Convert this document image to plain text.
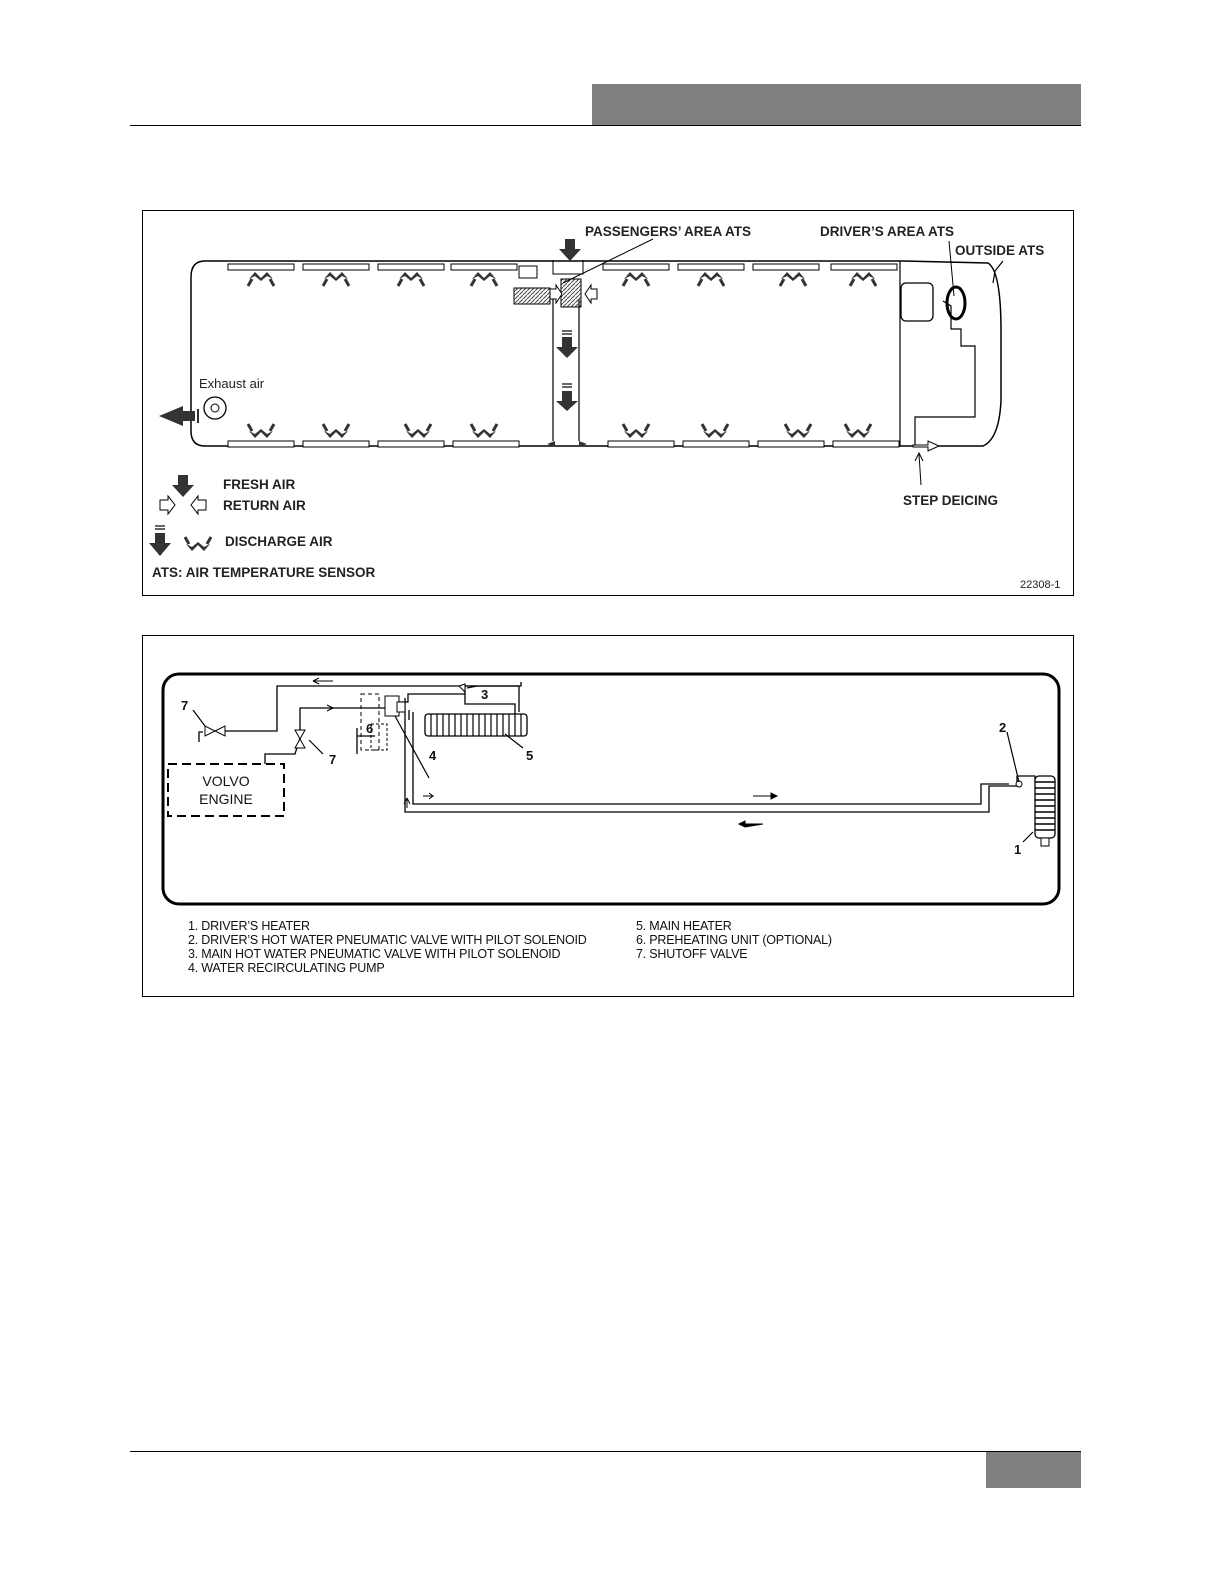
PASSENGERS’ AREA ATS	DRIVER’S AREA ATS
OUTSIDE ATS
Exhaust air
STEP DEICING
FRESH AIR
RETURN AIR
DISCHARGE AIR
ATS: AIR TEMPERATURE SENSOR
22308-1
VOLVO
ENGINE
7
7
6
3
4	5
2
1
1. DRIVER’S HEATER
2. DRIVER’S HOT WATER PNEUMATIC VALVE WITH PILOT SOLENOID
3. MAIN HOT WATER PNEUMATIC VALVE WITH PILOT SOLENOID
4. WATER RECIRCULATING PUMP
5. MAIN HEATER
6. PREHEATING UNIT (OPTIONAL)
7. SHUTOFF VALVE
